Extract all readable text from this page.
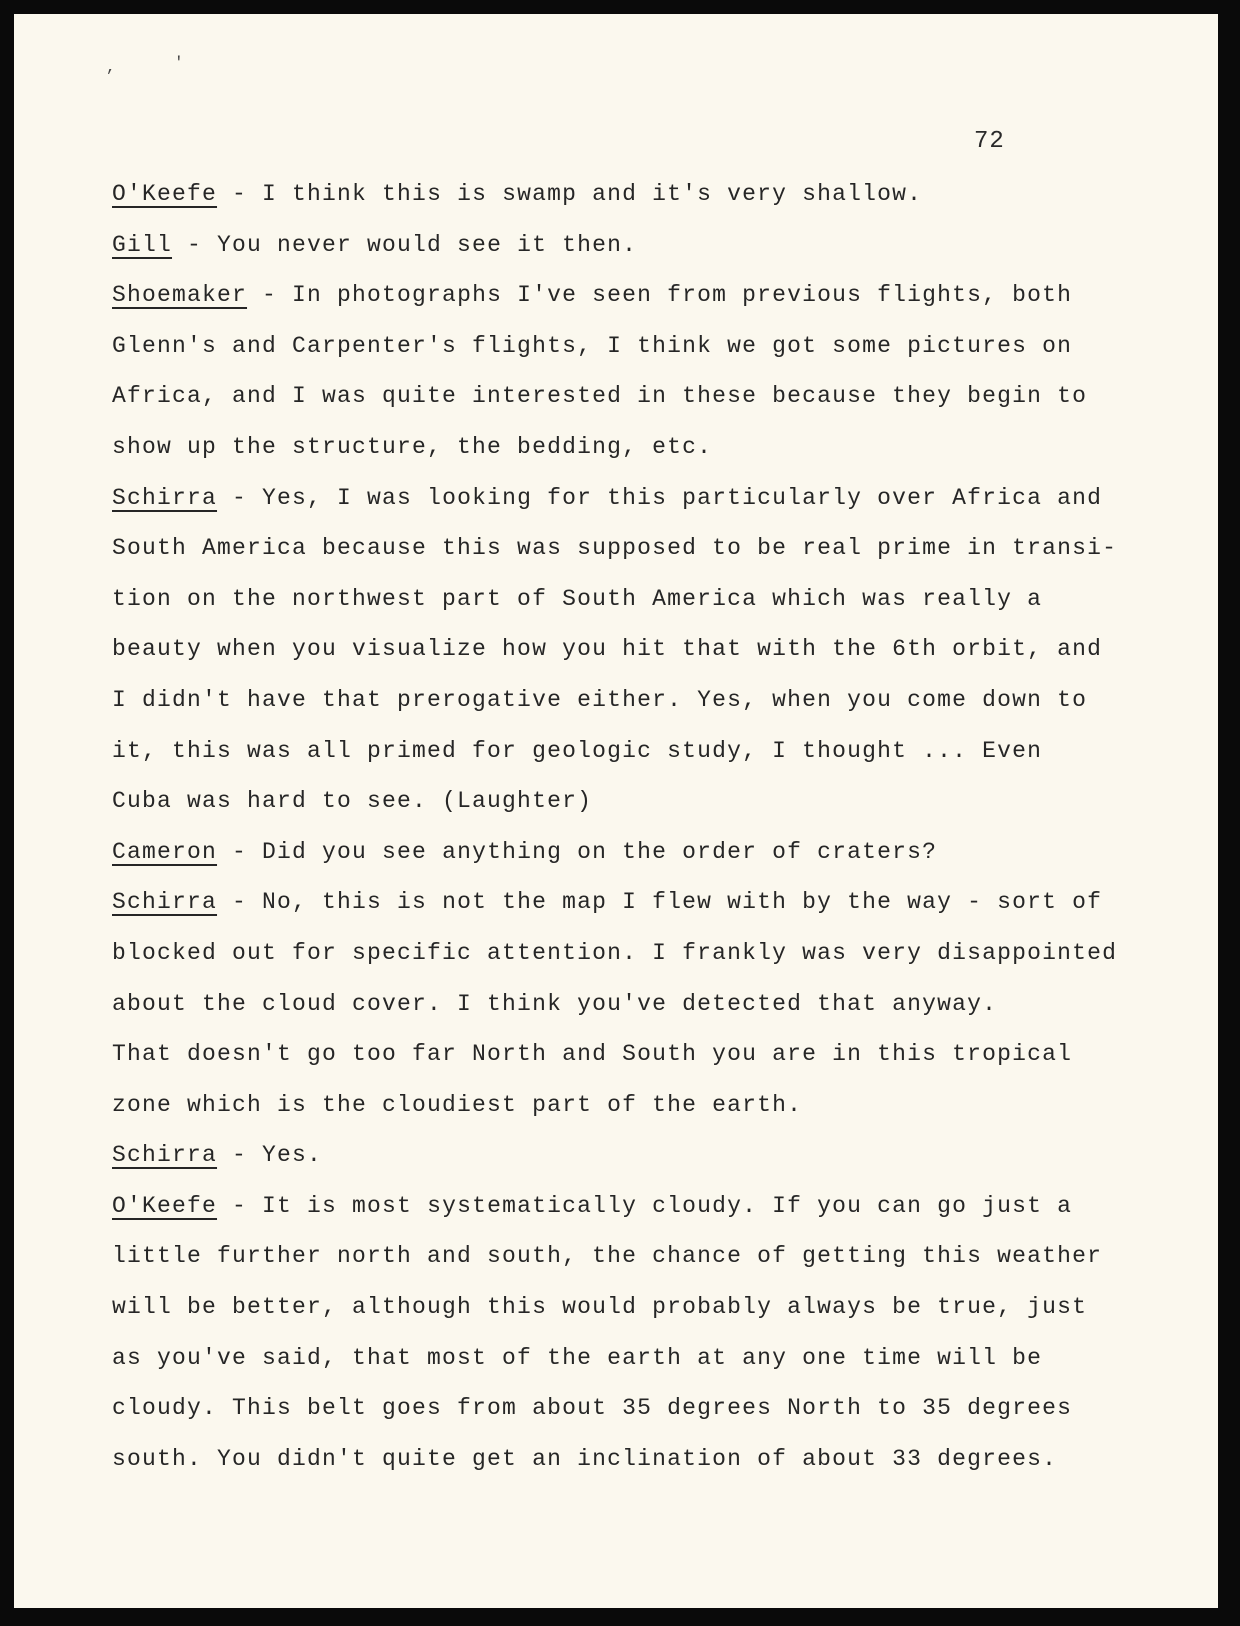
,	'
72
O'Keefe - I think this is swamp and it's very shallow.
Gill - You never would see it then.
Shoemaker - In photographs I've seen from previous flights, both
Glenn's and Carpenter's flights, I think we got some pictures on
Africa, and I was quite interested in these because they begin to
show up the structure, the bedding, etc.
Schirra - Yes, I was looking for this particularly over Africa and
South America because this was supposed to be real prime in transi-
tion on the northwest part of South America which was really a
beauty when you visualize how you hit that with the 6th orbit, and
I didn't have that prerogative either. Yes, when you come down to
it, this was all primed for geologic study, I thought ... Even
Cuba was hard to see. (Laughter)
Cameron - Did you see anything on the order of craters?
Schirra - No, this is not the map I flew with by the way - sort of
blocked out for specific attention. I frankly was very disappointed
about the cloud cover. I think you've detected that anyway.
That doesn't go too far North and South you are in this tropical
zone which is the cloudiest part of the earth.
Schirra - Yes.
O'Keefe - It is most systematically cloudy. If you can go just a
little further north and south, the chance of getting this weather
will be better, although this would probably always be true, just
as you've said, that most of the earth at any one time will be
cloudy. This belt goes from about 35 degrees North to 35 degrees
south. You didn't quite get an inclination of about 33 degrees.
